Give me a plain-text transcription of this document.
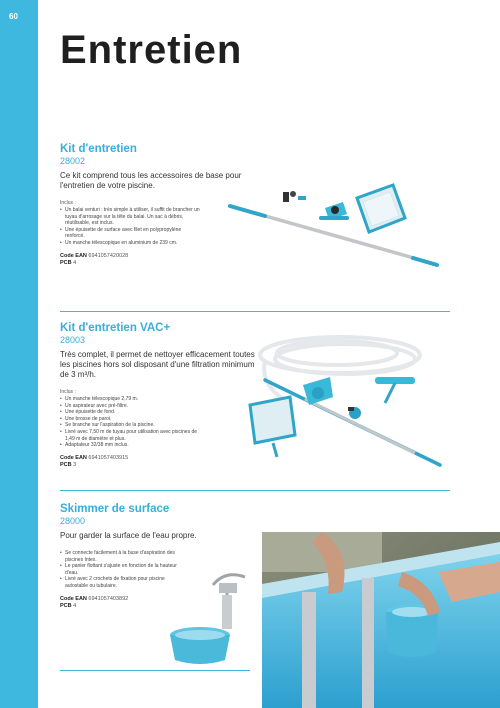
60
Entretien
Kit d'entretien
28002
Ce kit comprend tous les accessoires de base pour l'entretien de votre piscine.
Inclus :
• Un balai venturi : très simple à utiliser, il suffit de brancher un tuyau d'arrosage sur la tête du balai. Un sac à débris, réutilisable, est inclus.
• Une épuisette de surface avec filet en polypropylène renforcé.
• Un manche télescopique en aluminium de 239 cm.
Code EAN 6941057420028
PCB 4
Kit d'entretien VAC+
28003
Très complet, il permet de nettoyer efficacement toutes les piscines hors sol disposant d'une filtration minimum de 3 m³/h.
Inclus :
• Un manche télescopique 2,79 m.
• Un aspirateur avec pré-filtre.
• Une épuisette de fond.
• Une brosse de paroi.
• Se branche sur l'aspiration de la piscine.
• Livré avec 7,50 m de tuyau pour utilisation avec piscines de 1,49 m de diamètre et plus.
• Adaptateur 32/38 mm inclus.
Code EAN 6941057403915
PCB 3
Skimmer de surface
28000
Pour garder la surface de l'eau propre.
• Se connecte facilement à la buse d'aspiration des piscines Intex.
• Le panier flottant s'ajuste en fonction de la hauteur d'eau.
• Livré avec 2 crochets de fixation pour piscine autostable ou tubulaire.
Code EAN 6941057403892
PCB 4
